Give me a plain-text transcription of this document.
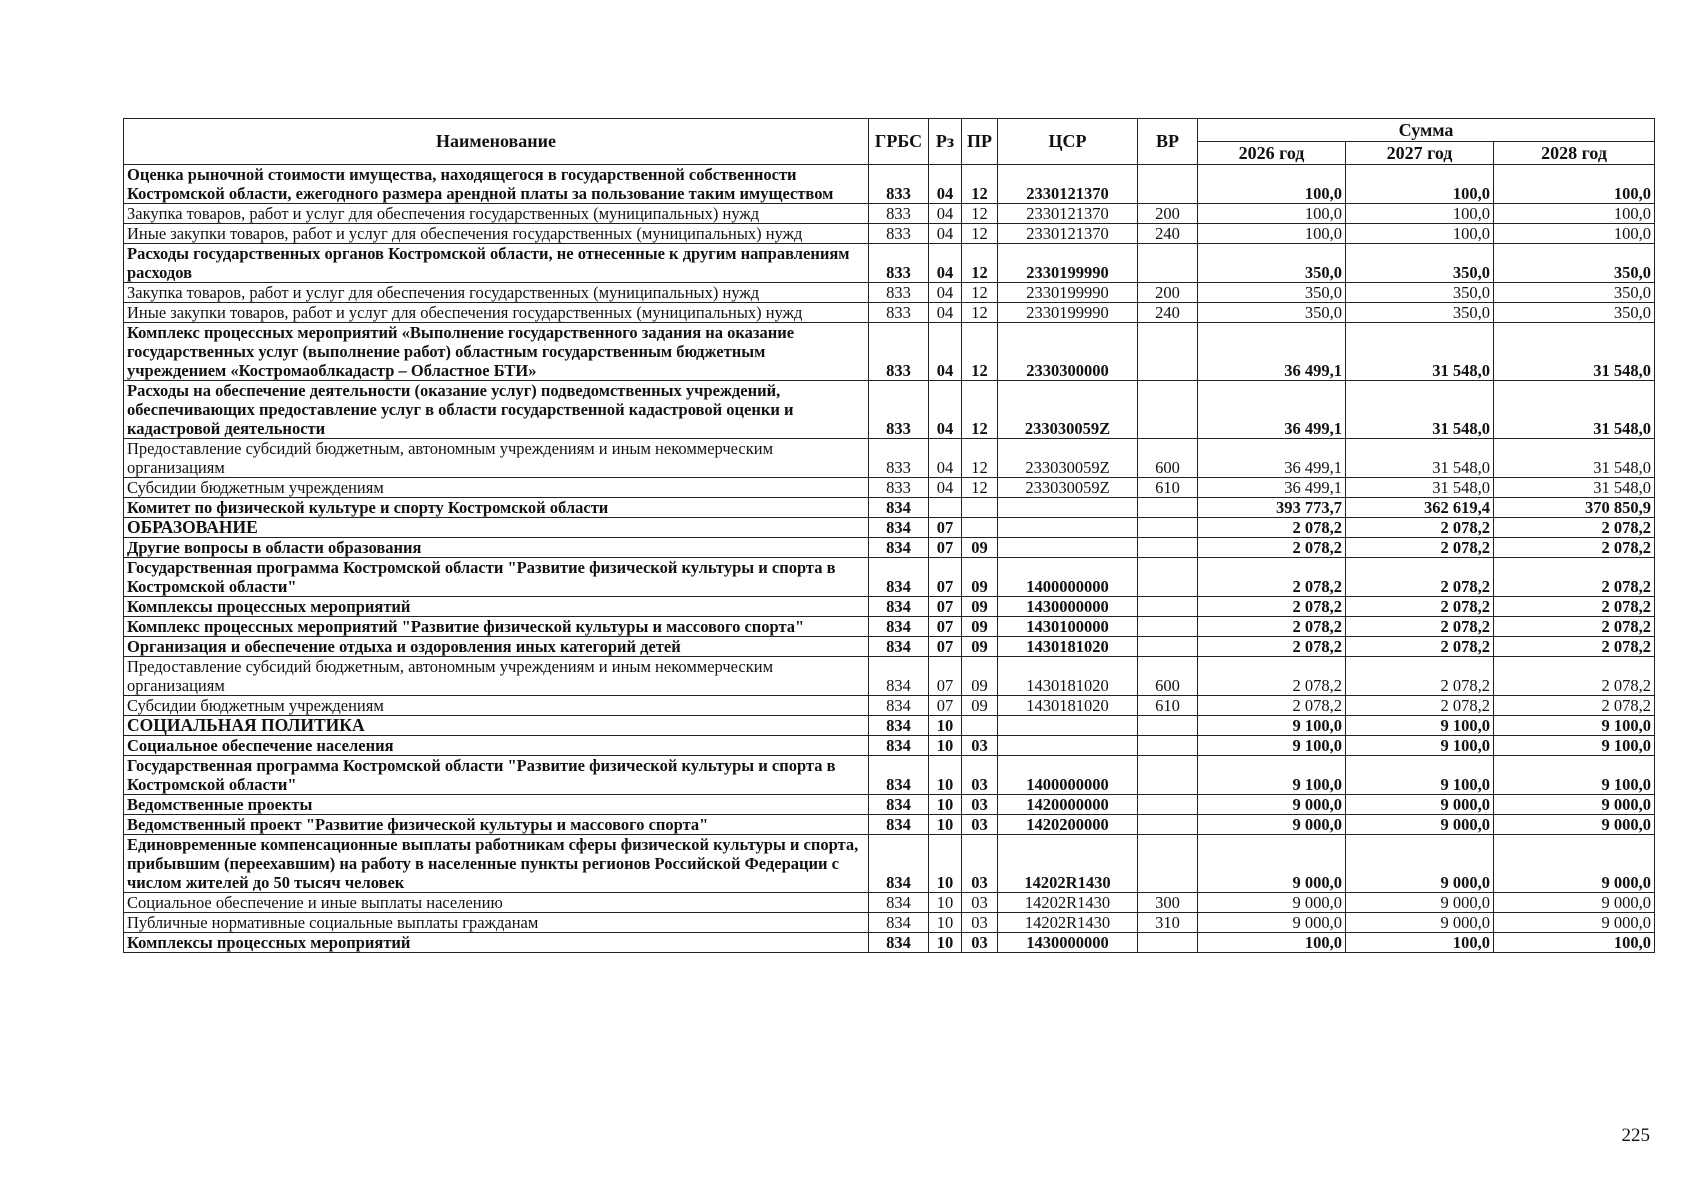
Наименование	ГРБС	Рз	ПР	ЦСР	ВР	Сумма		
						2026 год	2027 год	2028 год
Оценка рыночной стоимости имущества, находящегося в государственной собственности Костромской области, ежегодного размера арендной платы за пользование таким имуществом	833	04	12	2330121370		100,0	100,0	100,0
Закупка товаров, работ и услуг для обеспечения государственных (муниципальных) нужд	833	04	12	2330121370	200	100,0	100,0	100,0
Иные закупки товаров, работ и услуг для обеспечения государственных (муниципальных) нужд	833	04	12	2330121370	240	100,0	100,0	100,0
Расходы государственных органов Костромской области, не отнесенные к другим направлениям расходов	833	04	12	2330199990		350,0	350,0	350,0
Закупка товаров, работ и услуг для обеспечения государственных (муниципальных) нужд	833	04	12	2330199990	200	350,0	350,0	350,0
Иные закупки товаров, работ и услуг для обеспечения государственных (муниципальных) нужд	833	04	12	2330199990	240	350,0	350,0	350,0
Комплекс процессных мероприятий «Выполнение государственного задания на оказание государственных услуг (выполнение работ) областным государственным бюджетным учреждением «Костромаоблкадастр – Областное БТИ»	833	04	12	2330300000		36 499,1	31 548,0	31 548,0
Расходы на обеспечение деятельности (оказание услуг) подведомственных учреждений, обеспечивающих предоставление услуг в области государственной кадастровой оценки и кадастровой деятельности	833	04	12	233030059Z		36 499,1	31 548,0	31 548,0
Предоставление субсидий бюджетным, автономным учреждениям и иным некоммерческим организациям	833	04	12	233030059Z	600	36 499,1	31 548,0	31 548,0
Субсидии бюджетным учреждениям	833	04	12	233030059Z	610	36 499,1	31 548,0	31 548,0
Комитет по физической культуре и спорту Костромской области	834					393 773,7	362 619,4	370 850,9
ОБРАЗОВАНИЕ	834	07				2 078,2	2 078,2	2 078,2
Другие вопросы в области образования	834	07	09			2 078,2	2 078,2	2 078,2
Государственная программа Костромской области "Развитие физической культуры и спорта в Костромской области"	834	07	09	1400000000		2 078,2	2 078,2	2 078,2
Комплексы процессных мероприятий	834	07	09	1430000000		2 078,2	2 078,2	2 078,2
Комплекс процессных мероприятий "Развитие физической культуры и массового спорта"	834	07	09	1430100000		2 078,2	2 078,2	2 078,2
Организация и обеспечение отдыха и оздоровления иных категорий детей	834	07	09	1430181020		2 078,2	2 078,2	2 078,2
Предоставление субсидий бюджетным, автономным учреждениям и иным некоммерческим организациям	834	07	09	1430181020	600	2 078,2	2 078,2	2 078,2
Субсидии бюджетным учреждениям	834	07	09	1430181020	610	2 078,2	2 078,2	2 078,2
СОЦИАЛЬНАЯ ПОЛИТИКА	834	10				9 100,0	9 100,0	9 100,0
Социальное обеспечение населения	834	10	03			9 100,0	9 100,0	9 100,0
Государственная программа Костромской области "Развитие физической культуры и спорта в Костромской области"	834	10	03	1400000000		9 100,0	9 100,0	9 100,0
Ведомственные проекты	834	10	03	1420000000		9 000,0	9 000,0	9 000,0
Ведомственный проект "Развитие физической культуры и массового спорта"	834	10	03	1420200000		9 000,0	9 000,0	9 000,0
Единовременные компенсационные выплаты работникам сферы физической культуры и спорта, прибывшим (переехавшим) на работу в населенные пункты регионов Российской Федерации с числом жителей до 50 тысяч человек	834	10	03	14202R1430		9 000,0	9 000,0	9 000,0
Социальное обеспечение и иные выплаты населению	834	10	03	14202R1430	300	9 000,0	9 000,0	9 000,0
Публичные нормативные социальные выплаты гражданам	834	10	03	14202R1430	310	9 000,0	9 000,0	9 000,0
Комплексы процессных мероприятий	834	10	03	1430000000		100,0	100,0	100,0
225
